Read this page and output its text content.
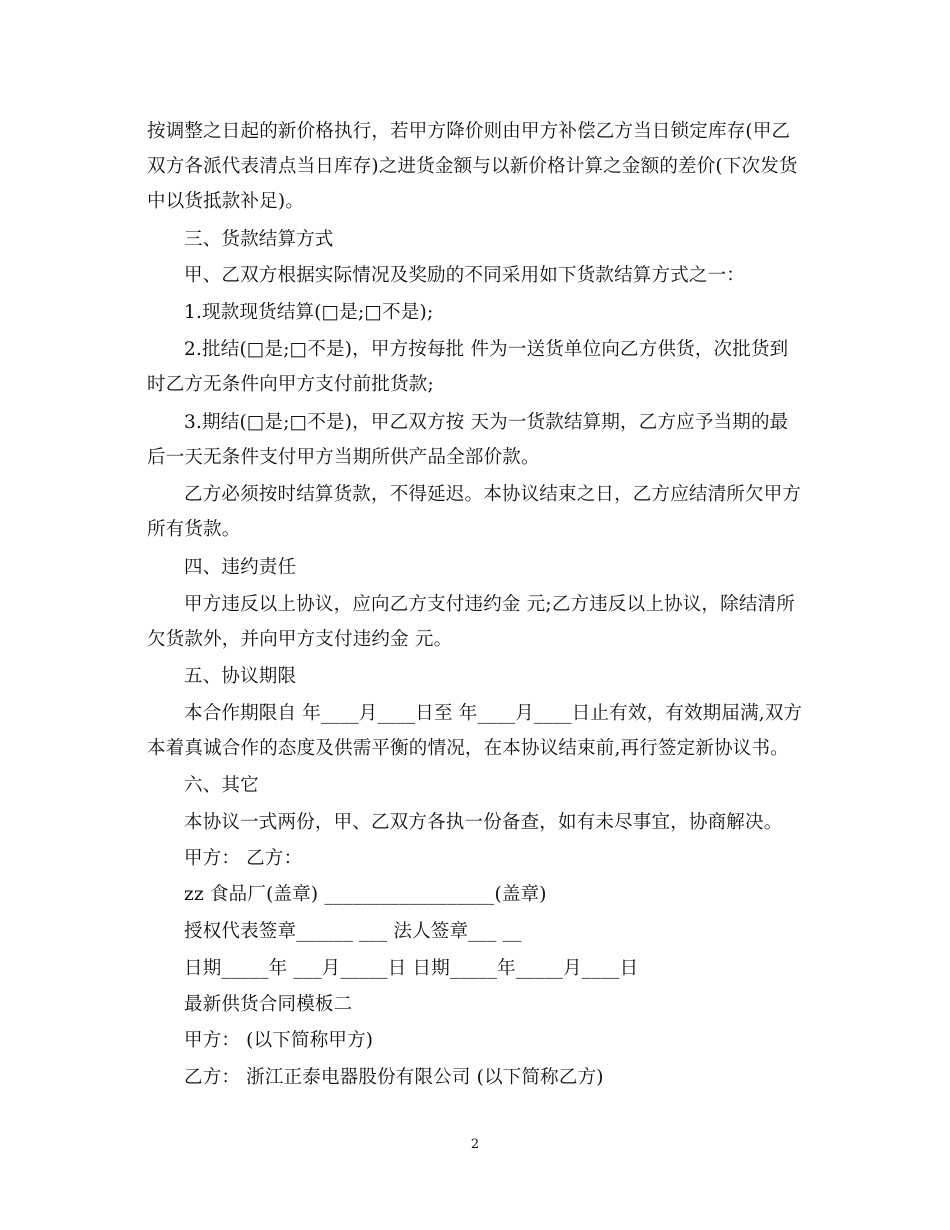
按调整之日起的新价格执行，若甲方降价则由甲方补偿乙方当日锁定库存(甲乙
双方各派代表清点当日库存)之进货金额与以新价格计算之金额的差价(下次发货
中以货抵款补足)。
三、货款结算方式
甲、乙双方根据实际情况及奖励的不同采用如下货款结算方式之一：
1.现款现货结算(□是;□不是);
2.批结(□是;□不是)，甲方按每批 件为一送货单位向乙方供货，次批货到
时乙方无条件向甲方支付前批货款;
3.期结(□是;□不是)，甲乙双方按 天为一货款结算期，乙方应予当期的最
后一天无条件支付甲方当期所供产品全部价款。
乙方必须按时结算货款，不得延迟。本协议结束之日，乙方应结清所欠甲方
所有货款。
四、违约责任
甲方违反以上协议，应向乙方支付违约金 元;乙方违反以上协议，除结清所
欠货款外，并向甲方支付违约金 元。
五、协议期限
本合作期限自 年____月____日至 年____月____日止有效，有效期届满,双方
本着真诚合作的态度及供需平衡的情况，在本协议结束前,再行签定新协议书。
六、其它
本协议一式两份，甲、乙双方各执一份备查，如有未尽事宜，协商解决。
甲方： 乙方：
zz 食品厂(盖章) __________________(盖章)
授权代表签章______ ___ 法人签章___ __
日期_____年 ___月_____日 日期_____年_____月____日
最新供货合同模板二
甲方： (以下简称甲方)
乙方： 浙江正泰电器股份有限公司 (以下简称乙方)
2
